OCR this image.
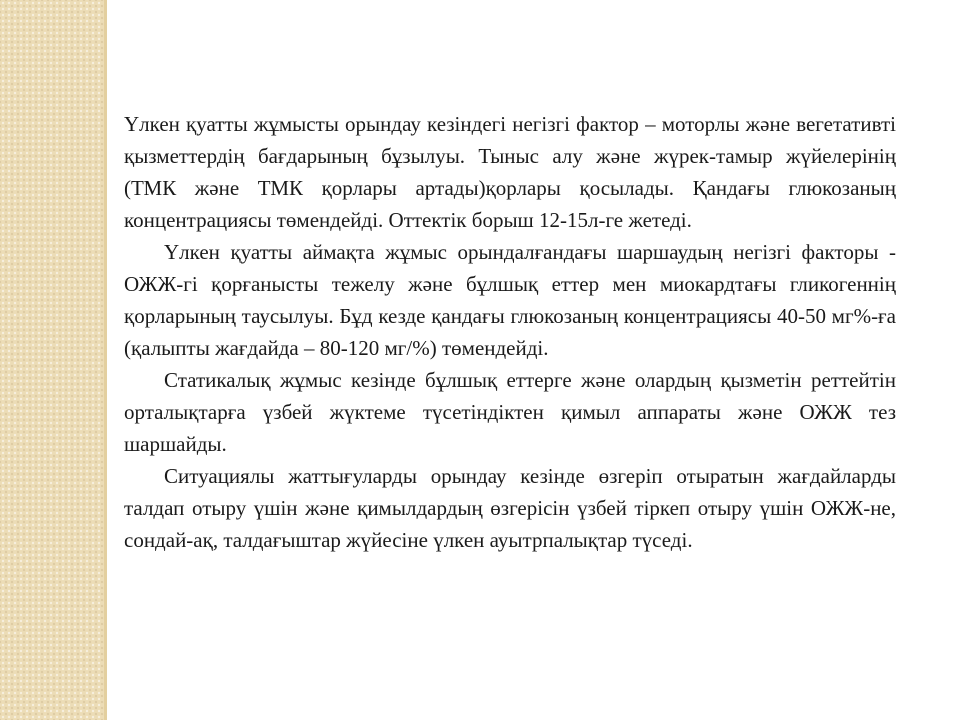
Үлкен қуатты жұмысты орындау кезіндегі негізгі фактор – моторлы және вегетативті қызметтердің бағдарының бұзылуы. Тыныс алу және жүрек-тамыр жүйелерінің (ТМК және ТМК қорлары артады)қорлары қосылады. Қандағы глюкозаның концентрациясы төмендейді. Оттектік борыш 12-15л-ге жетеді.

Үлкен қуатты аймақта жұмыс орындалғандағы шаршаудың негізгі факторы - ОЖЖ-гі қорғанысты тежелу және бұлшық еттер мен миокардтағы гликогеннің қорларының таусылуы. Бұд кезде қандағы глюкозаның концентрациясы 40-50 мг%-ға (қалыпты жағдайда – 80-120 мг/%) төмендейді.

Статикалық жұмыс кезінде бұлшық еттерге және олардың қызметін реттейтін орталықтарға үзбей жүктеме түсетіндіктен қимыл аппараты және ОЖЖ тез шаршайды.

Ситуациялы жаттығуларды орындау кезінде өзгеріп отыратын жағдайларды талдап отыру үшін және қимылдардың өзгерісін үзбей тіркеп отыру үшін ОЖЖ-не, сондай-ақ, талдағыштар жүйесіне үлкен ауытрпалықтар түседі.
